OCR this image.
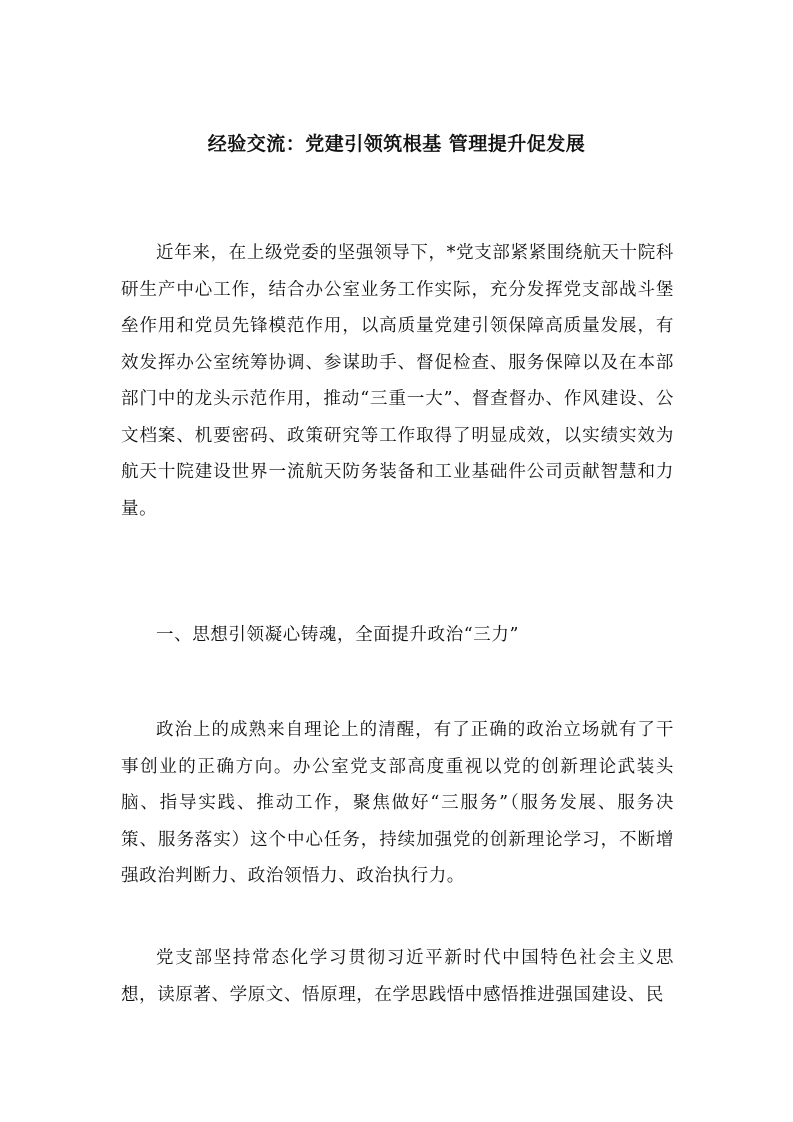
经验交流：党建引领筑根基 管理提升促发展

近年来，在上级党委的坚强领导下，*党支部紧紧围绕航天十院科研生产中心工作，结合办公室业务工作实际，充分发挥党支部战斗堡垒作用和党员先锋模范作用，以高质量党建引领保障高质量发展，有效发挥办公室统筹协调、参谋助手、督促检查、服务保障以及在本部部门中的龙头示范作用，推动“三重一大”、督查督办、作风建设、公文档案、机要密码、政策研究等工作取得了明显成效，以实绩实效为航天十院建设世界一流航天防务装备和工业基础件公司贡献智慧和力量。

一、思想引领凝心铸魂，全面提升政治“三力”

政治上的成熟来自理论上的清醒，有了正确的政治立场就有了干事创业的正确方向。办公室党支部高度重视以党的创新理论武装头脑、指导实践、推动工作，聚焦做好“三服务”（服务发展、服务决策、服务落实）这个中心任务，持续加强党的创新理论学习，不断增强政治判断力、政治领悟力、政治执行力。

党支部坚持常态化学习贯彻习近平新时代中国特色社会主义思想，读原著、学原文、悟原理，在学思践悟中感悟推进强国建设、民
